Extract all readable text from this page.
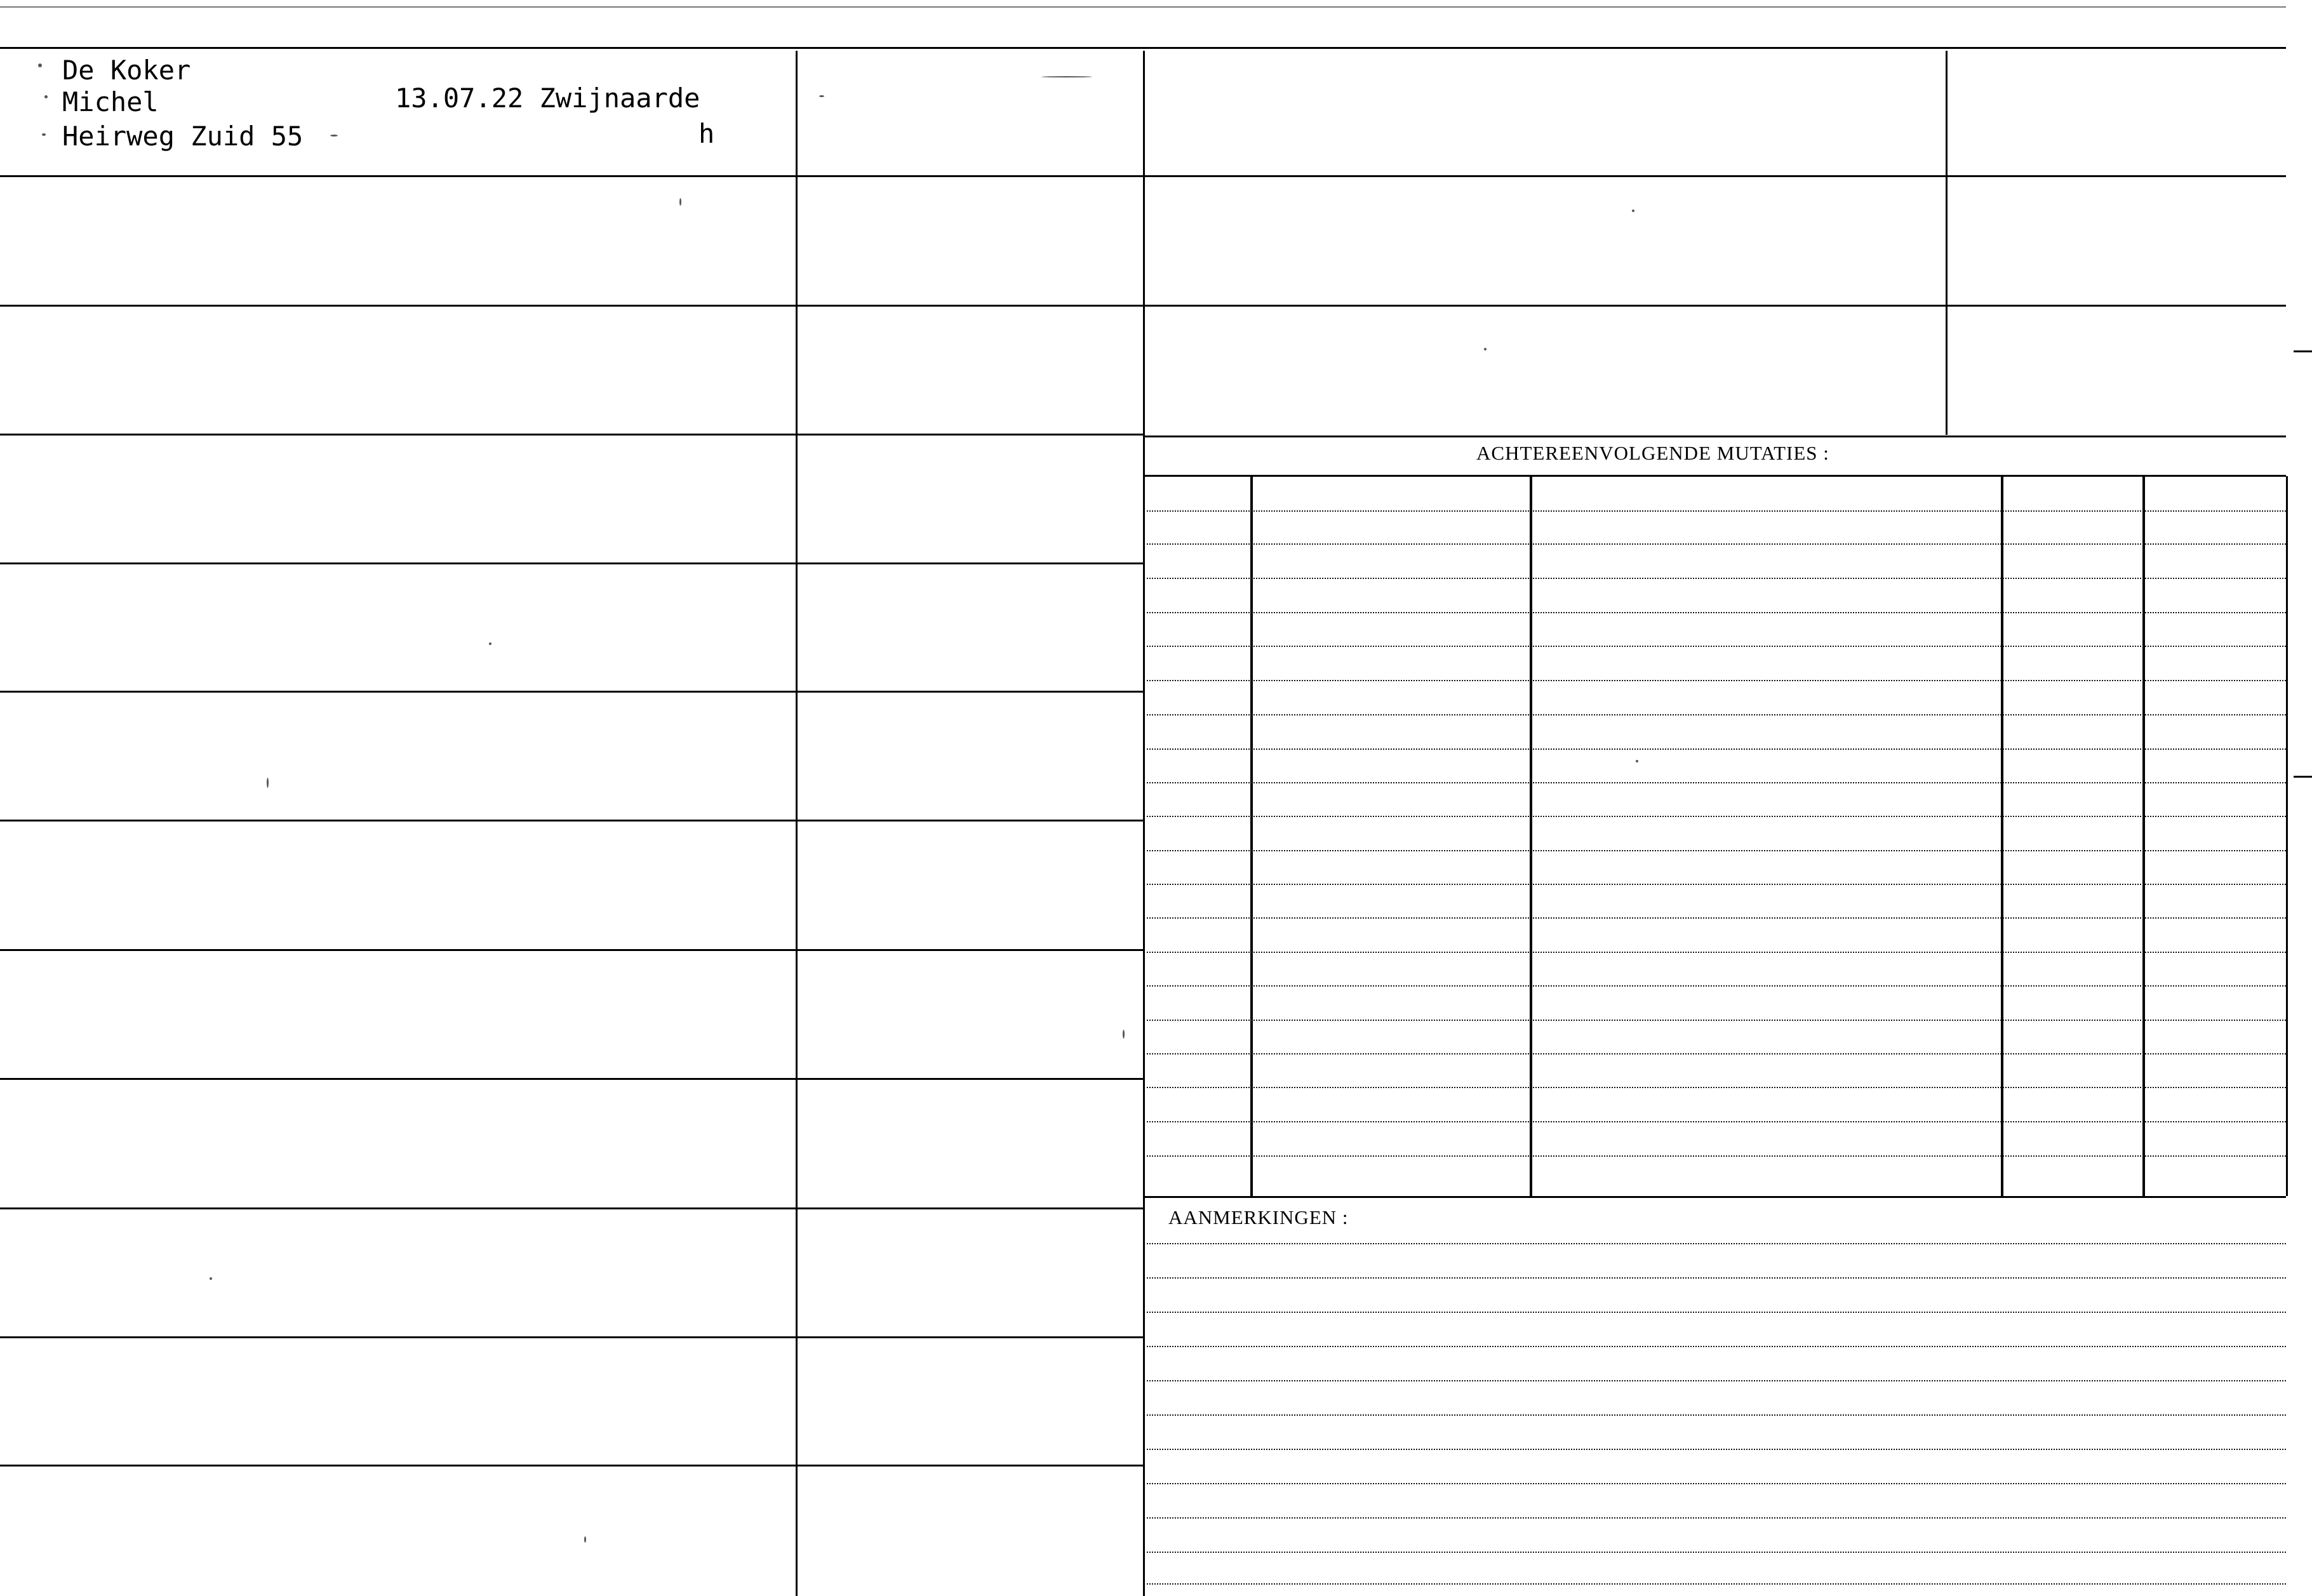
ACHTEREENVOLGENDE MUTATIES :
AANMERKINGEN :
De Koker
Michel
Heirweg Zuid 55
13.07.22 Zwijnaarde
h
